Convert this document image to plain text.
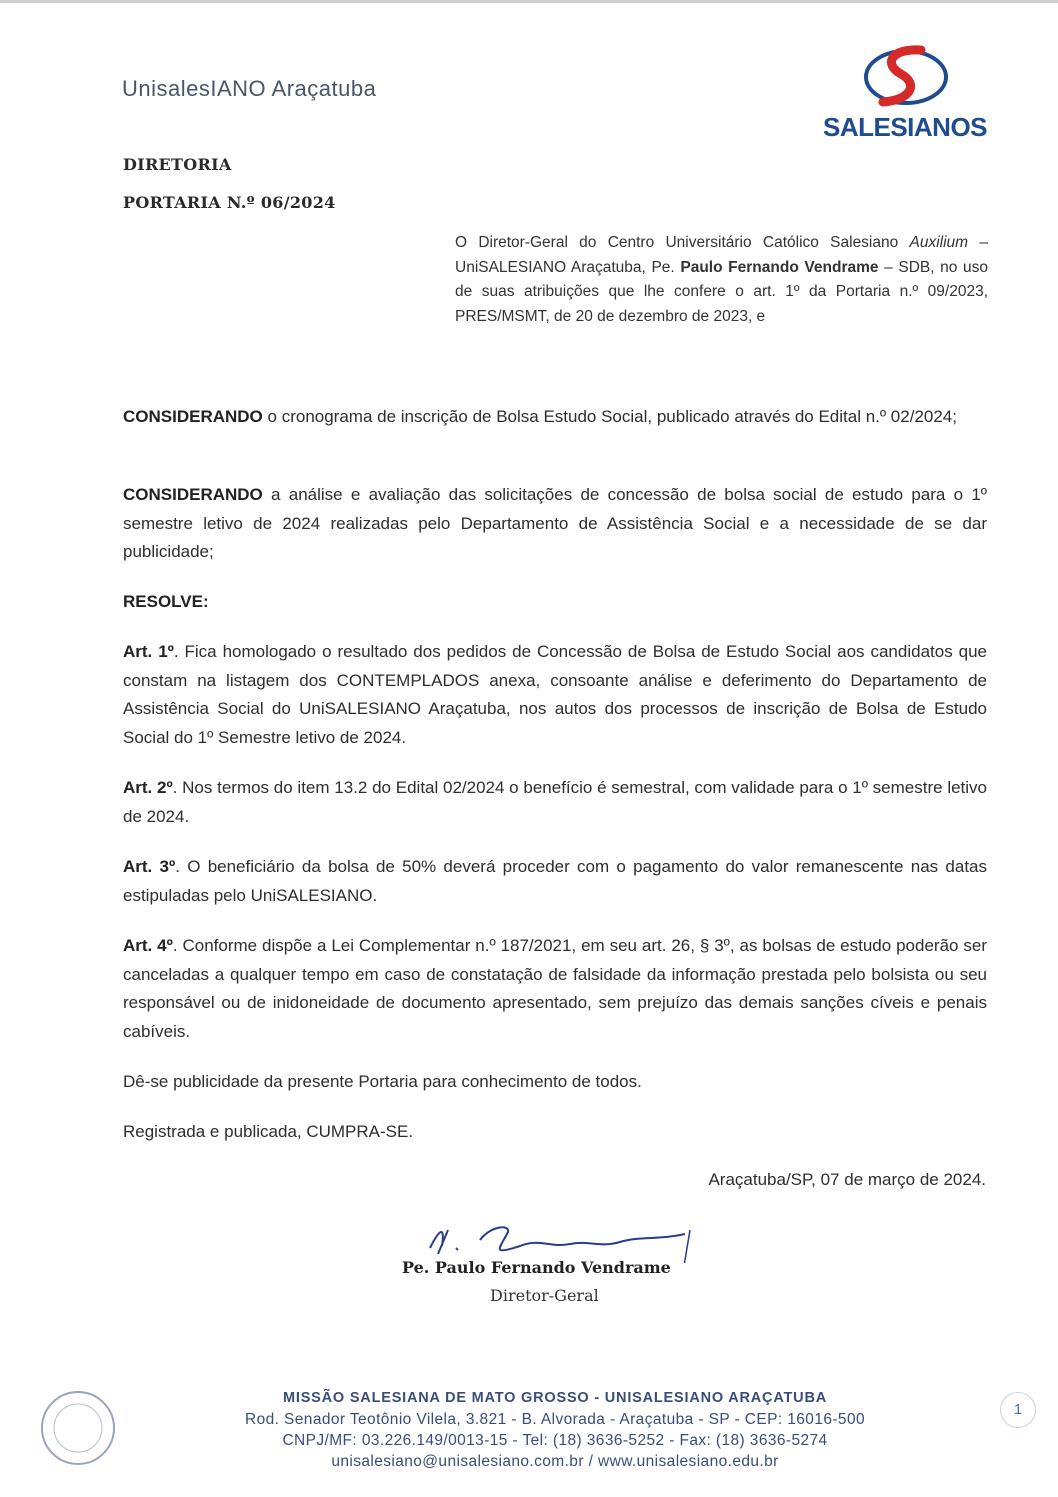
UnisalesIANO Araçatuba
SALESIANOS
DIRETORIA
PORTARIA N.º 06/2024
O Diretor-Geral do Centro Universitário Católico Salesiano Auxilium – UniSALESIANO Araçatuba, Pe. Paulo Fernando Vendrame – SDB, no uso de suas atribuições que lhe confere o art. 1º da Portaria n.º 09/2023, PRES/MSMT, de 20 de dezembro de 2023, e
CONSIDERANDO o cronograma de inscrição de Bolsa Estudo Social, publicado através do Edital n.º 02/2024;
CONSIDERANDO a análise e avaliação das solicitações de concessão de bolsa social de estudo para o 1º semestre letivo de 2024 realizadas pelo Departamento de Assistência Social e a necessidade de se dar publicidade;
RESOLVE:
Art. 1º. Fica homologado o resultado dos pedidos de Concessão de Bolsa de Estudo Social aos candidatos que constam na listagem dos CONTEMPLADOS anexa, consoante análise e deferimento do Departamento de Assistência Social do UniSALESIANO Araçatuba, nos autos dos processos de inscrição de Bolsa de Estudo Social do 1º Semestre letivo de 2024.
Art. 2º. Nos termos do item 13.2 do Edital 02/2024 o benefício é semestral, com validade para o 1º semestre letivo de 2024.
Art. 3º. O beneficiário da bolsa de 50% deverá proceder com o pagamento do valor remanescente nas datas estipuladas pelo UniSALESIANO.
Art. 4º. Conforme dispõe a Lei Complementar n.º 187/2021, em seu art. 26, § 3º, as bolsas de estudo poderão ser canceladas a qualquer tempo em caso de constatação de falsidade da informação prestada pelo bolsista ou seu responsável ou de inidoneidade de documento apresentado, sem prejuízo das demais sanções cíveis e penais cabíveis.
Dê-se publicidade da presente Portaria para conhecimento de todos.
Registrada e publicada, CUMPRA-SE.
Araçatuba/SP, 07 de março de 2024.
Pe. Paulo Fernando Vendrame
Diretor-Geral
MISSÃO SALESIANA DE MATO GROSSO - UNISALESIANO ARAÇATUBA
Rod. Senador Teotônio Vilela, 3.821 - B. Alvorada - Araçatuba - SP - CEP: 16016-500
CNPJ/MF: 03.226.149/0013-15 - Tel: (18) 3636-5252 - Fax: (18) 3636-5274
unisalesiano@unisalesiano.com.br / www.unisalesiano.edu.br
1
